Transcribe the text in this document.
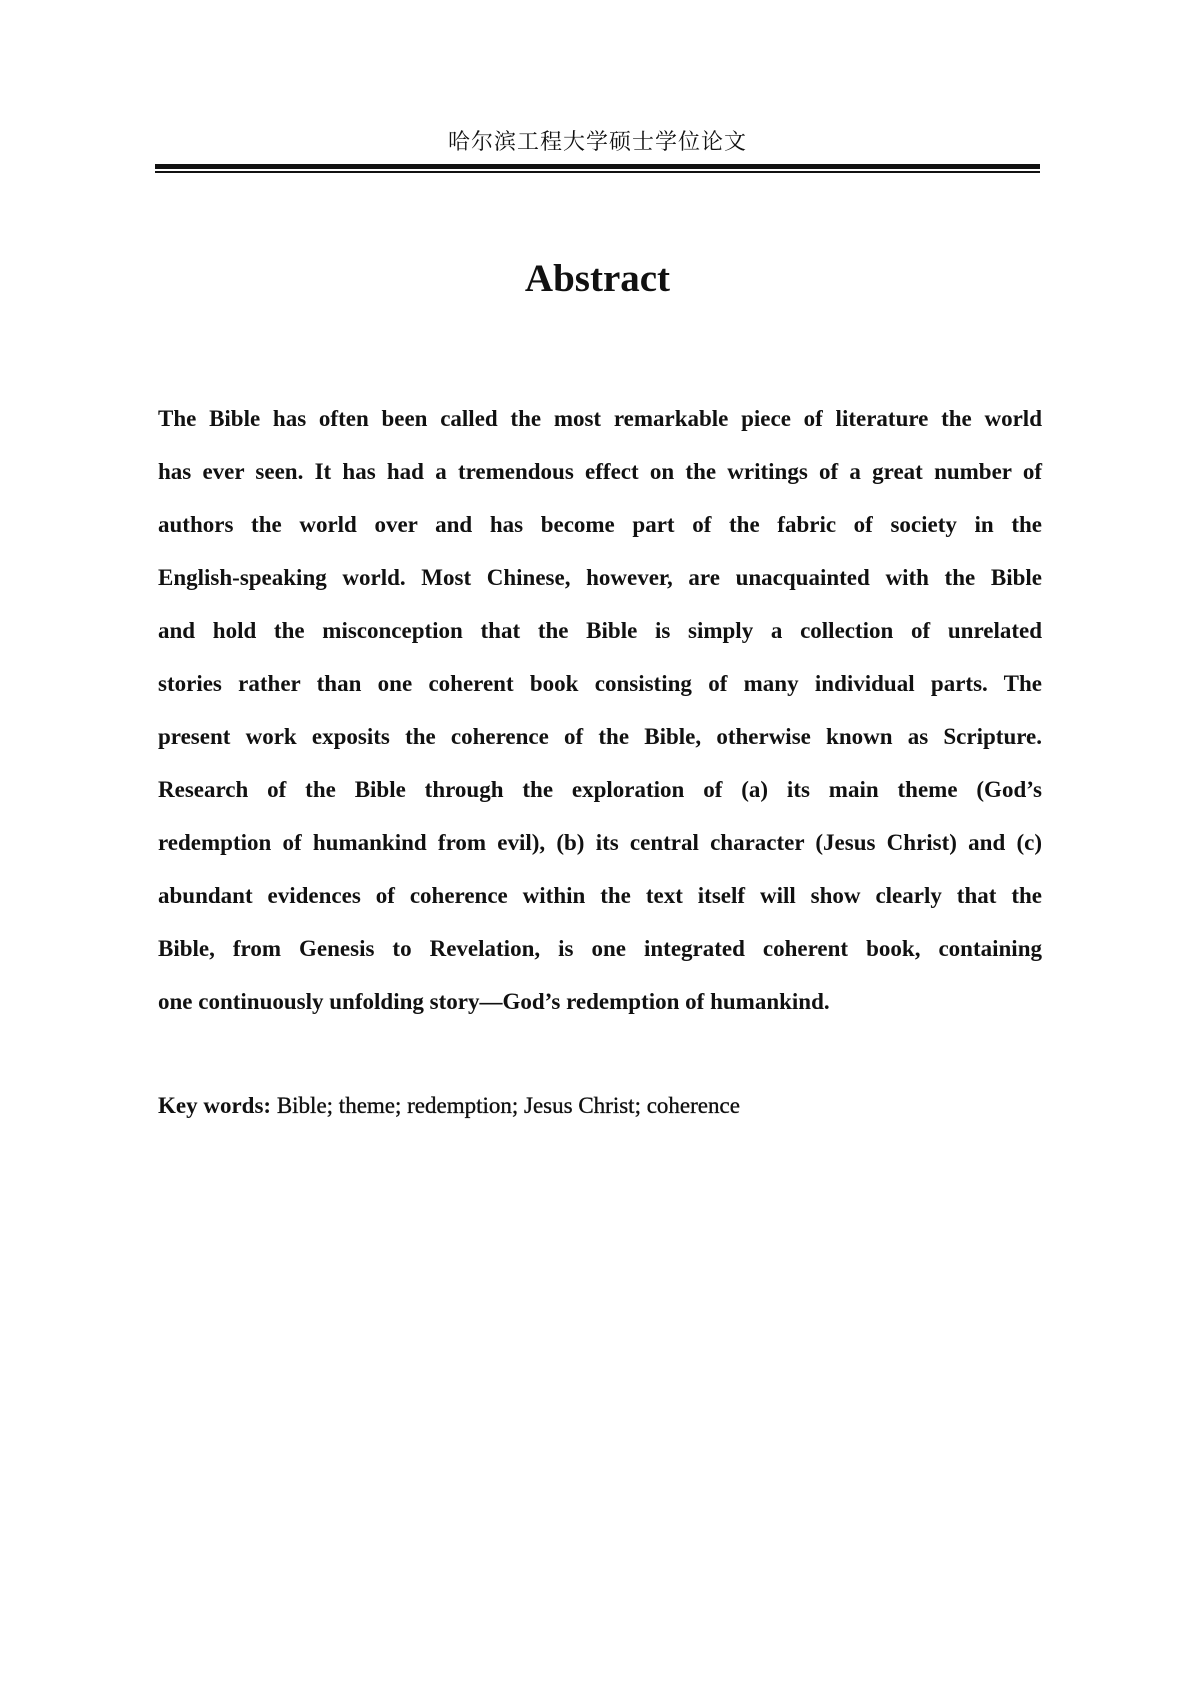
哈尔滨工程大学硕士学位论文
Abstract
The Bible has often been called the most remarkable piece of literature the world
has ever seen. It has had a tremendous effect on the writings of a great number of
authors the world over and has become part of the fabric of society in the
English-speaking world. Most Chinese, however, are unacquainted with the Bible
and hold the misconception that the Bible is simply a collection of unrelated
stories rather than one coherent book consisting of many individual parts. The
present work exposits the coherence of the Bible, otherwise known as Scripture.
Research of the Bible through the exploration of (a) its main theme (God’s
redemption of humankind from evil), (b) its central character (Jesus Christ) and (c)
abundant evidences of coherence within the text itself will show clearly that the
Bible, from Genesis to Revelation, is one integrated coherent book, containing
one continuously unfolding story—God’s redemption of humankind.
Key words: Bible; theme; redemption; Jesus Christ; coherence
